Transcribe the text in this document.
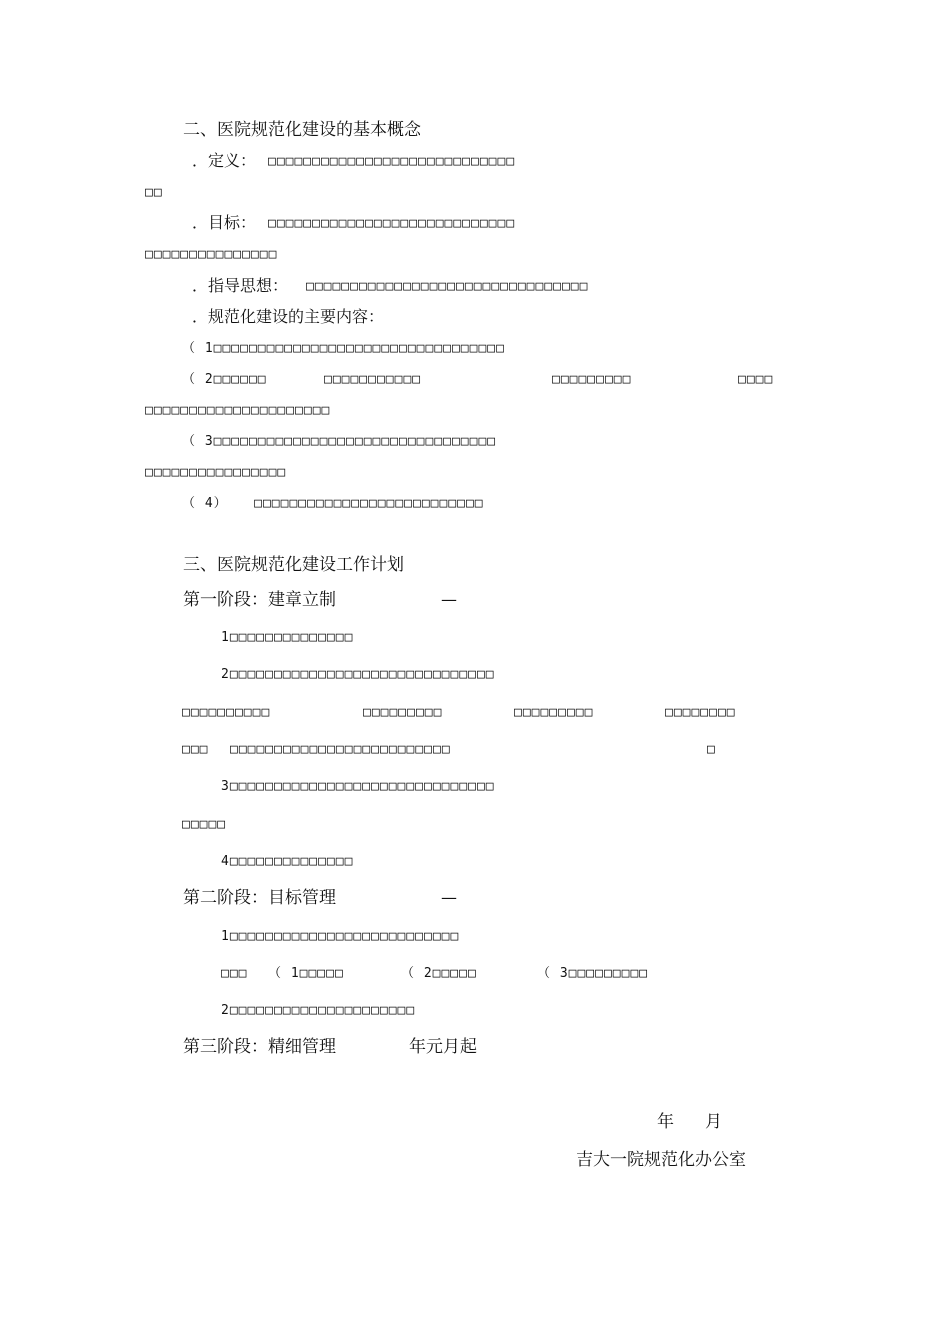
二、医院规范化建设的基本概念
．定义： □□□□□□□□□□□□□□□□□□□□□□□□□□□□
□□
．目标： □□□□□□□□□□□□□□□□□□□□□□□□□□□□
□□□□□□□□□□□□□□□
．指导思想： □□□□□□□□□□□□□□□□□□□□□□□□□□□□□□□□
．规范化建设的主要内容：
（ 1□□□□□□□□□□□□□□□□□□□□□□□□□□□□□□□□□
（ 2□□□□□□	□□□□□□□□□□□	□□□□□□□□□	□□□□
□□□□□□□□□□□□□□□□□□□□□
（ 3□□□□□□□□□□□□□□□□□□□□□□□□□□□□□□□□
□□□□□□□□□□□□□□□□
（ 4）   □□□□□□□□□□□□□□□□□□□□□□□□□□
三、医院规范化建设工作计划
第一阶段：建章立制	—
1□□□□□□□□□□□□□□
2□□□□□□□□□□□□□□□□□□□□□□□□□□□□□□
□□□□□□□□□□	□□□□□□□□□	□□□□□□□□□	□□□□□□□□
□□□ □□□□□□□□□□□□□□□□□□□□□□□□□	□
3□□□□□□□□□□□□□□□□□□□□□□□□□□□□□□
□□□□□
4□□□□□□□□□□□□□□
第二阶段：目标管理	—
1□□□□□□□□□□□□□□□□□□□□□□□□□□
□□□ （ 1□□□□□	（ 2□□□□□	（ 3□□□□□□□□□
2□□□□□□□□□□□□□□□□□□□□□
第三阶段：精细管理	年元月起
年 月
吉大一院规范化办公室
